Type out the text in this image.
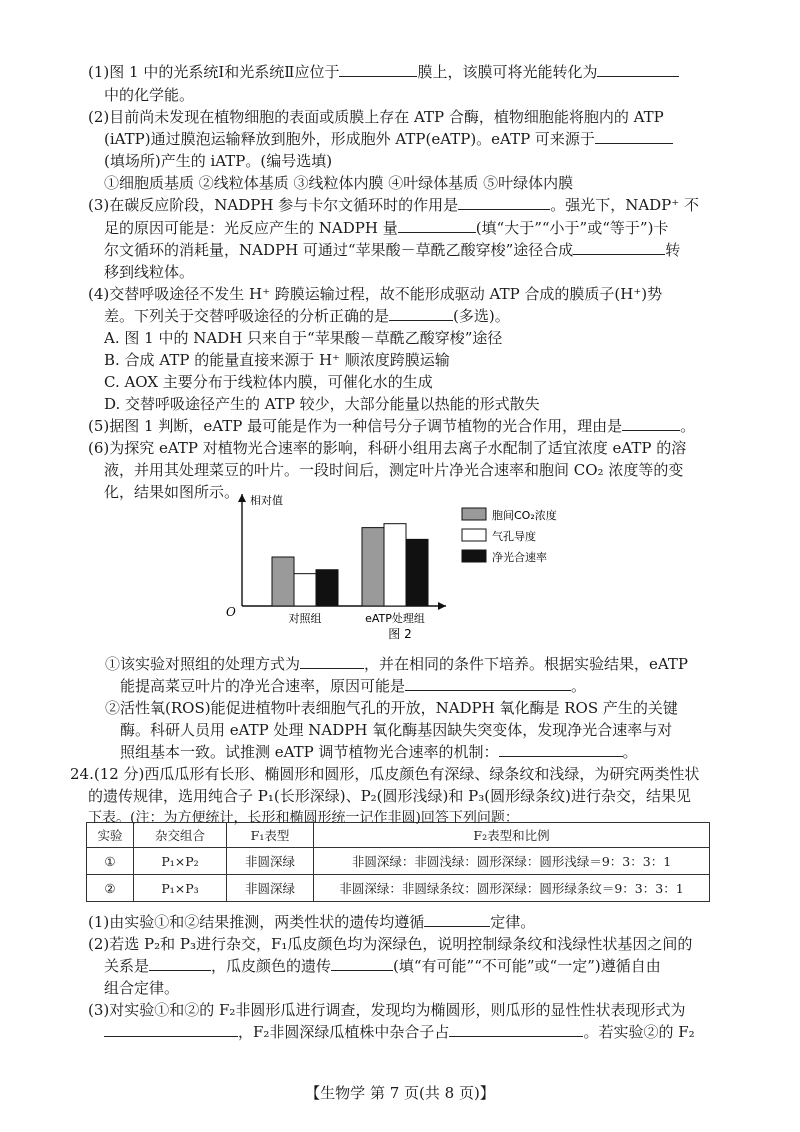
(1)图 1 中的光系统Ⅰ和光系统Ⅱ应位于	膜上，该膜可将光能转化为
中的化学能。
(2)目前尚未发现在植物细胞的表面或质膜上存在 ATP 合酶，植物细胞能将胞内的 ATP
(iATP)通过膜泡运输释放到胞外，形成胞外 ATP(eATP)。eATP 可来源于
(填场所)产生的 iATP。(编号选填)
①细胞质基质 ②线粒体基质 ③线粒体内膜 ④叶绿体基质 ⑤叶绿体内膜
(3)在碳反应阶段，NADPH 参与卡尔文循环时的作用是	。强光下，NADP⁺ 不
足的原因可能是：光反应产生的 NADPH 量	(填“大于”“小于”或“等于”)卡
尔文循环的消耗量，NADPH 可通过“苹果酸－草酰乙酸穿梭”途径合成	转
移到线粒体。
(4)交替呼吸途径不发生 H⁺ 跨膜运输过程，故不能形成驱动 ATP 合成的膜质子(H⁺)势
差。下列关于交替呼吸途径的分析正确的是	(多选)。
A. 图 1 中的 NADH 只来自于“苹果酸－草酰乙酸穿梭”途径
B. 合成 ATP 的能量直接来源于 H⁺ 顺浓度跨膜运输
C. AOX 主要分布于线粒体内膜，可催化水的生成
D. 交替呼吸途径产生的 ATP 较少，大部分能量以热能的形式散失
(5)据图 1 判断，eATP 最可能是作为一种信号分子调节植物的光合作用，理由是	。
(6)为探究 eATP 对植物光合速率的影响，科研小组用去离子水配制了适宜浓度 eATP 的溶
液，并用其处理菜豆的叶片。一段时间后，测定叶片净光合速率和胞间 CO₂ 浓度等的变
化，结果如图所示。 相对值
O	对照组	eATP处理组
胞间CO₂浓度
气孔导度
净光合速率
图 2
①该实验对照组的处理方式为	，并在相同的条件下培养。根据实验结果，eATP
能提高菜豆叶片的净光合速率，原因可能是	。
②活性氧(ROS)能促进植物叶表细胞气孔的开放，NADPH 氧化酶是 ROS 产生的关键
酶。科研人员用 eATP 处理 NADPH 氧化酶基因缺失突变体，发现净光合速率与对
照组基本一致。试推测 eATP 调节植物光合速率的机制：	。
24.(12 分)西瓜瓜形有长形、椭圆形和圆形，瓜皮颜色有深绿、绿条纹和浅绿，为研究两类性状
的遗传规律，选用纯合子 P₁(长形深绿)、P₂(圆形浅绿)和 P₃(圆形绿条纹)进行杂交，结果见
下表。(注：为方便统计，长形和椭圆形统一记作非圆)回答下列问题：
实验	杂交组合	F₁表型	F₂表型和比例
①	P₁×P₂	非圆深绿	非圆深绿：非圆浅绿：圆形深绿：圆形浅绿＝9：3：3：1
②	P₁×P₃	非圆深绿	非圆深绿：非圆绿条纹：圆形深绿：圆形绿条纹＝9：3：3：1
(1)由实验①和②结果推测，两类性状的遗传均遵循	定律。
(2)若选 P₂和 P₃进行杂交，F₁瓜皮颜色均为深绿色，说明控制绿条纹和浅绿性状基因之间的
关系是	，瓜皮颜色的遗传	(填“有可能”“不可能”或“一定”)遵循自由
组合定律。
(3)对实验①和②的 F₂非圆形瓜进行调查，发现均为椭圆形，则瓜形的显性性状表现形式为
，F₂非圆深绿瓜植株中杂合子占	。若实验②的 F₂
【生物学 第 7 页(共 8 页)】
